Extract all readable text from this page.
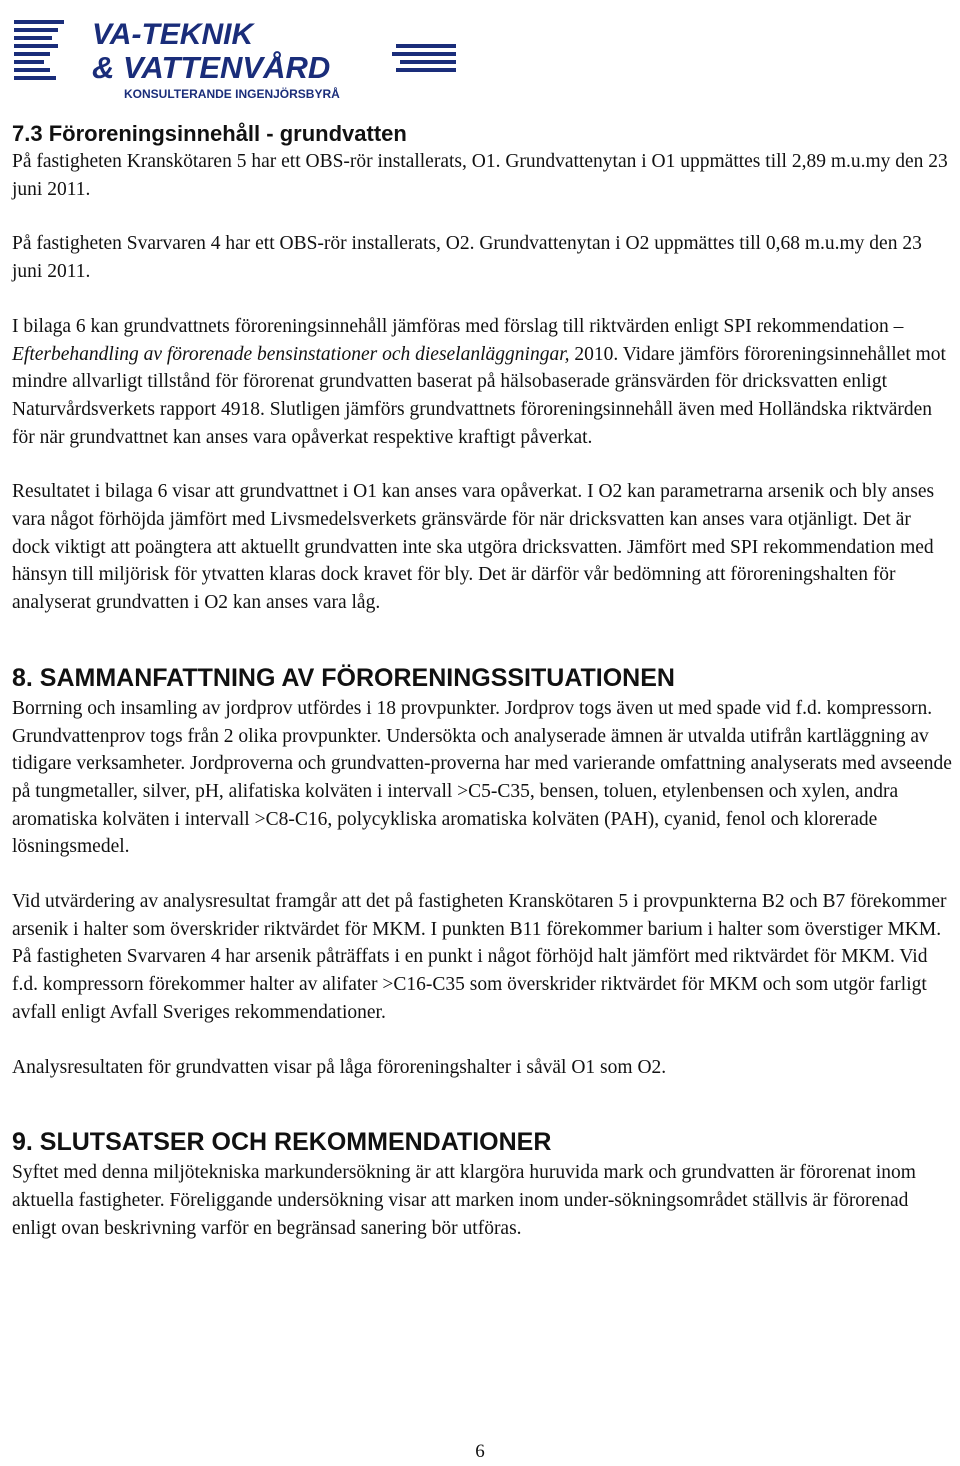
VA-TEKNIK
& VATTENVÅRD
KONSULTERANDE INGENJÖRSBYRÅ
7.3 Föroreningsinnehåll - grundvatten

På fastigheten Kranskötaren 5 har ett OBS-rör installerats, O1. Grundvattenytan i O1 uppmättes till 2,89 m.u.my den 23 juni 2011.

På fastigheten Svarvaren 4 har ett OBS-rör installerats, O2. Grundvattenytan i O2 uppmättes till 0,68 m.u.my den 23 juni 2011.

I bilaga 6 kan grundvattnets föroreningsinnehåll jämföras med förslag till riktvärden enligt SPI rekommendation – Efterbehandling av förorenade bensinstationer och dieselanläggningar, 2010. Vidare jämförs föroreningsinnehållet mot mindre allvarligt tillstånd för förorenat grundvatten baserat på hälsobaserade gränsvärden för dricksvatten enligt Naturvårdsverkets rapport 4918. Slutligen jämförs grundvattnets föroreningsinnehåll även med Holländska riktvärden för när grundvattnet kan anses vara opåverkat respektive kraftigt påverkat.

Resultatet i bilaga 6 visar att grundvattnet i O1 kan anses vara opåverkat. I O2 kan parametrarna arsenik och bly anses vara något förhöjda jämfört med Livsmedelsverkets gränsvärde för när dricksvatten kan anses vara otjänligt. Det är dock viktigt att poängtera att aktuellt grundvatten inte ska utgöra dricksvatten. Jämfört med SPI rekommendation med hänsyn till miljörisk för ytvatten klaras dock kravet för bly. Det är därför vår bedömning att föroreningshalten för analyserat grundvatten i O2 kan anses vara låg.

8. SAMMANFATTNING AV FÖRORENINGSSITUATIONEN

Borrning och insamling av jordprov utfördes i 18 provpunkter. Jordprov togs även ut med spade vid f.d. kompressorn. Grundvattenprov togs från 2 olika provpunkter. Undersökta och analyserade ämnen är utvalda utifrån kartläggning av tidigare verksamheter. Jordproverna och grundvatten-proverna har med varierande omfattning analyserats med avseende på tungmetaller, silver, pH, alifatiska kolväten i intervall >C5-C35, bensen, toluen, etylenbensen och xylen, andra aromatiska kolväten i intervall >C8-C16, polycykliska aromatiska kolväten (PAH), cyanid, fenol och klorerade lösningsmedel.

Vid utvärdering av analysresultat framgår att det på fastigheten Kranskötaren 5 i provpunkterna B2 och B7 förekommer arsenik i halter som överskrider riktvärdet för MKM. I punkten B11 förekommer barium i halter som överstiger MKM. På fastigheten Svarvaren 4 har arsenik påträffats i en punkt i något förhöjd halt jämfört med riktvärdet för MKM. Vid f.d. kompressorn förekommer halter av alifater >C16-C35 som överskrider riktvärdet för MKM och som utgör farligt avfall enligt Avfall Sveriges rekommendationer.

Analysresultaten för grundvatten visar på låga föroreningshalter i såväl O1 som O2.

9. SLUTSATSER OCH REKOMMENDATIONER

Syftet med denna miljötekniska markundersökning är att klargöra huruvida mark och grundvatten är förorenat inom aktuella fastigheter. Föreliggande undersökning visar att marken inom under-sökningsområdet ställvis är förorenad enligt ovan beskrivning varför en begränsad sanering bör utföras.

6
